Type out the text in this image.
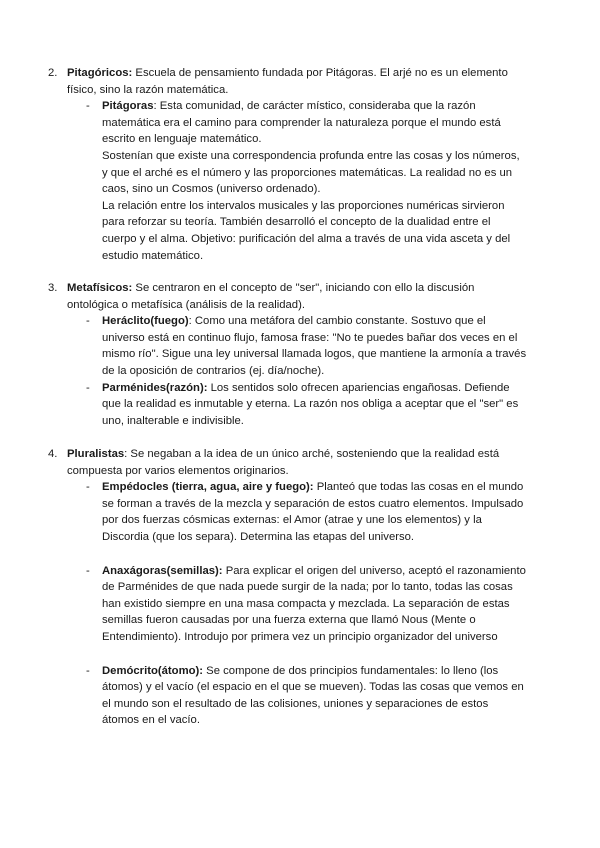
2. Pitagóricos: Escuela de pensamiento fundada por Pitágoras. El arjé no es un elemento físico, sino la razón matemática.
- Pitágoras: Esta comunidad, de carácter místico, consideraba que la razón matemática era el camino para comprender la naturaleza porque el mundo está escrito en lenguaje matemático.
Sostenían que existe una correspondencia profunda entre las cosas y los números, y que el arché es el número y las proporciones matemáticas. La realidad no es un caos, sino un Cosmos (universo ordenado).
La relación entre los intervalos musicales y las proporciones numéricas sirvieron para reforzar su teoría. También desarrolló el concepto de la dualidad entre el cuerpo y el alma. Objetivo: purificación del alma a través de una vida asceta y del estudio matemático.
3. Metafísicos: Se centraron en el concepto de "ser", iniciando con ello la discusión ontológica o metafísica (análisis de la realidad).
- Heráclito(fuego): Como una metáfora del cambio constante. Sostuvo que el universo está en continuo flujo, famosa frase: "No te puedes bañar dos veces en el mismo río". Sigue una ley universal llamada logos, que mantiene la armonía a través de la oposición de contrarios (ej. día/noche).
- Parménides(razón): Los sentidos solo ofrecen apariencias engañosas. Defiende que la realidad es inmutable y eterna. La razón nos obliga a aceptar que el "ser" es uno, inalterable e indivisible.
4. Pluralistas: Se negaban a la idea de un único arché, sosteniendo que la realidad está compuesta por varios elementos originarios.
- Empédocles (tierra, agua, aire y fuego): Planteó que todas las cosas en el mundo se forman a través de la mezcla y separación de estos cuatro elementos. Impulsado por dos fuerzas cósmicas externas: el Amor (atrae y une los elementos) y la Discordia (que los separa). Determina las etapas del universo.
- Anaxágoras(semillas): Para explicar el origen del universo, aceptó el razonamiento de Parménides de que nada puede surgir de la nada; por lo tanto, todas las cosas han existido siempre en una masa compacta y mezclada. La separación de estas semillas fueron causadas por una fuerza externa que llamó Nous (Mente o Entendimiento). Introdujo por primera vez un principio organizador del universo
- Demócrito(átomo): Se compone de dos principios fundamentales: lo lleno (los átomos) y el vacío (el espacio en el que se mueven). Todas las cosas que vemos en el mundo son el resultado de las colisiones, uniones y separaciones de estos átomos en el vacío.
